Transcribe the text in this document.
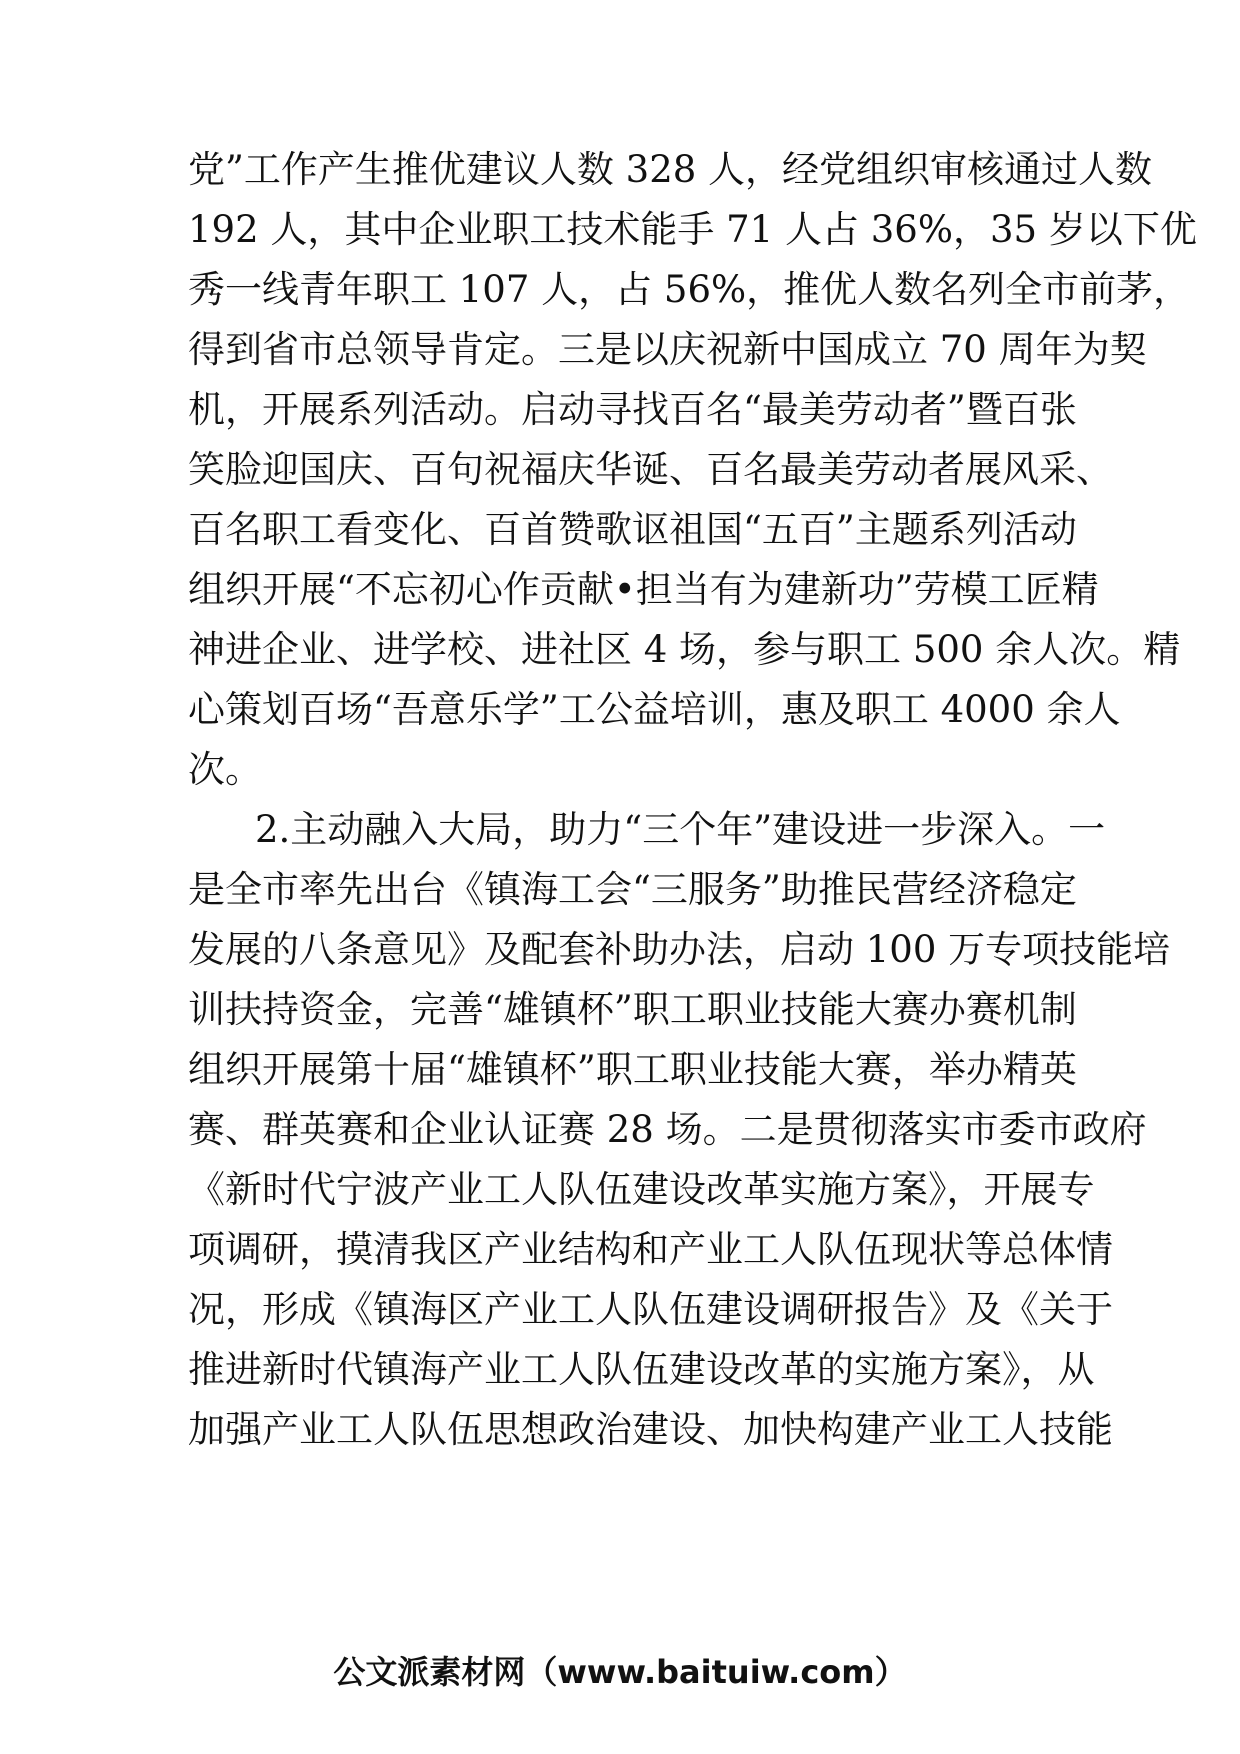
党”工作产生推优建议人数 328 人，经党组织审核通过人数
192 人，其中企业职工技术能手 71 人占 36%，35 岁以下优
秀一线青年职工 107 人，占 56%，推优人数名列全市前茅，
得到省市总领导肯定。三是以庆祝新中国成立 70 周年为契
机，开展系列活动。启动寻找百名“最美劳动者”暨百张
笑脸迎国庆、百句祝福庆华诞、百名最美劳动者展风采、
百名职工看变化、百首赞歌讴祖国“五百”主题系列活动
组织开展“不忘初心作贡献•担当有为建新功”劳模工匠精
神进企业、进学校、进社区 4 场，参与职工 500 余人次。精
心策划百场“吾意乐学”工公益培训，惠及职工 4000 余人
次。
2.主动融入大局，助力“三个年”建设进一步深入。一
是全市率先出台《镇海工会“三服务”助推民营经济稳定
发展的八条意见》及配套补助办法，启动 100 万专项技能培
训扶持资金，完善“雄镇杯”职工职业技能大赛办赛机制
组织开展第十届“雄镇杯”职工职业技能大赛，举办精英
赛、群英赛和企业认证赛 28 场。二是贯彻落实市委市政府
《新时代宁波产业工人队伍建设改革实施方案》，开展专
项调研，摸清我区产业结构和产业工人队伍现状等总体情
况，形成《镇海区产业工人队伍建设调研报告》及《关于
推进新时代镇海产业工人队伍建设改革的实施方案》，从
加强产业工人队伍思想政治建设、加快构建产业工人技能
公文派素材网（www.baituiw.com）
